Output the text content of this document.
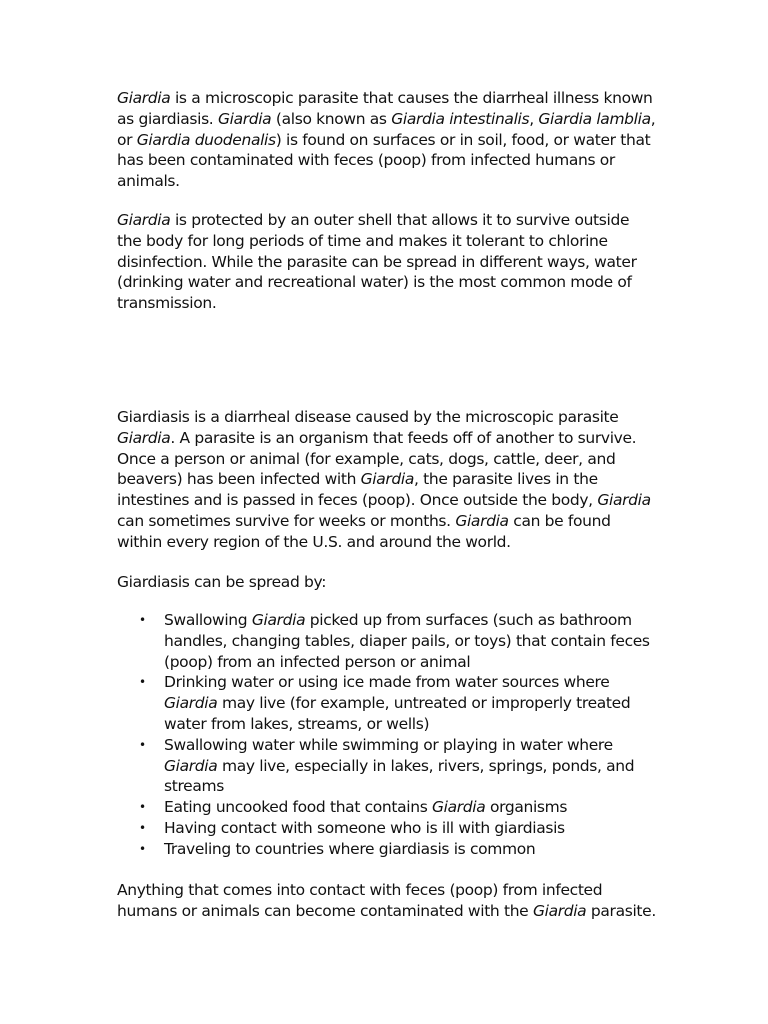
Giardia is a microscopic parasite that causes the diarrheal illness known as giardiasis. Giardia (also known as Giardia intestinalis, Giardia lamblia, or Giardia duodenalis) is found on surfaces or in soil, food, or water that has been contaminated with feces (poop) from infected humans or animals.

Giardia is protected by an outer shell that allows it to survive outside the body for long periods of time and makes it tolerant to chlorine disinfection. While the parasite can be spread in different ways, water (drinking water and recreational water) is the most common mode of transmission.

Giardiasis is a diarrheal disease caused by the microscopic parasite Giardia. A parasite is an organism that feeds off of another to survive. Once a person or animal (for example, cats, dogs, cattle, deer, and beavers) has been infected with Giardia, the parasite lives in the intestines and is passed in feces (poop). Once outside the body, Giardia can sometimes survive for weeks or months. Giardia can be found within every region of the U.S. and around the world.

Giardiasis can be spread by:

• Swallowing Giardia picked up from surfaces (such as bathroom handles, changing tables, diaper pails, or toys) that contain feces (poop) from an infected person or animal
• Drinking water or using ice made from water sources where Giardia may live (for example, untreated or improperly treated water from lakes, streams, or wells)
• Swallowing water while swimming or playing in water where Giardia may live, especially in lakes, rivers, springs, ponds, and streams
• Eating uncooked food that contains Giardia organisms
• Having contact with someone who is ill with giardiasis
• Traveling to countries where giardiasis is common

Anything that comes into contact with feces (poop) from infected humans or animals can become contaminated with the Giardia parasite.
